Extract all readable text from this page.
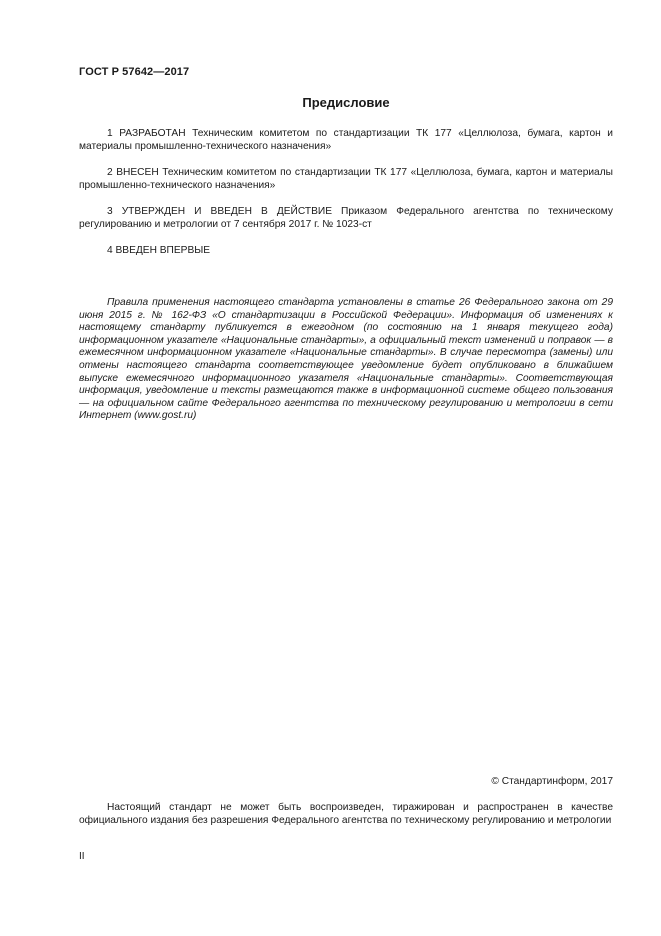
ГОСТ Р 57642—2017
Предисловие

1 РАЗРАБОТАН Техническим комитетом по стандартизации ТК 177 «Целлюлоза, бумага, картон и материалы промышленно-технического назначения»

2 ВНЕСЕН Техническим комитетом по стандартизации ТК 177 «Целлюлоза, бумага, картон и материалы промышленно-технического назначения»

3 УТВЕРЖДЕН И ВВЕДЕН В ДЕЙСТВИЕ Приказом Федерального агентства по техническому регулированию и метрологии от 7 сентября 2017 г. № 1023-ст

4 ВВЕДЕН ВПЕРВЫЕ

Правила применения настоящего стандарта установлены в статье 26 Федерального закона от 29 июня 2015 г. № 162-ФЗ «О стандартизации в Российской Федерации». Информация об изменениях к настоящему стандарту публикуется в ежегодном (по состоянию на 1 января текущего года) информационном указателе «Национальные стандарты», а официальный текст изменений и поправок — в ежемесячном информационном указателе «Национальные стандарты». В случае пересмотра (замены) или отмены настоящего стандарта соответствующее уведомление будет опубликовано в ближайшем выпуске ежемесячного информационного указателя «Национальные стандарты». Соответствующая информация, уведомление и тексты размещаются также в информационной системе общего пользования — на официальном сайте Федерального агентства по техническому регулированию и метрологии в сети Интернет (www.gost.ru)

© Стандартинформ, 2017

Настоящий стандарт не может быть воспроизведен, тиражирован и распространен в качестве официального издания без разрешения Федерального агентства по техническому регулированию и метрологии

II
